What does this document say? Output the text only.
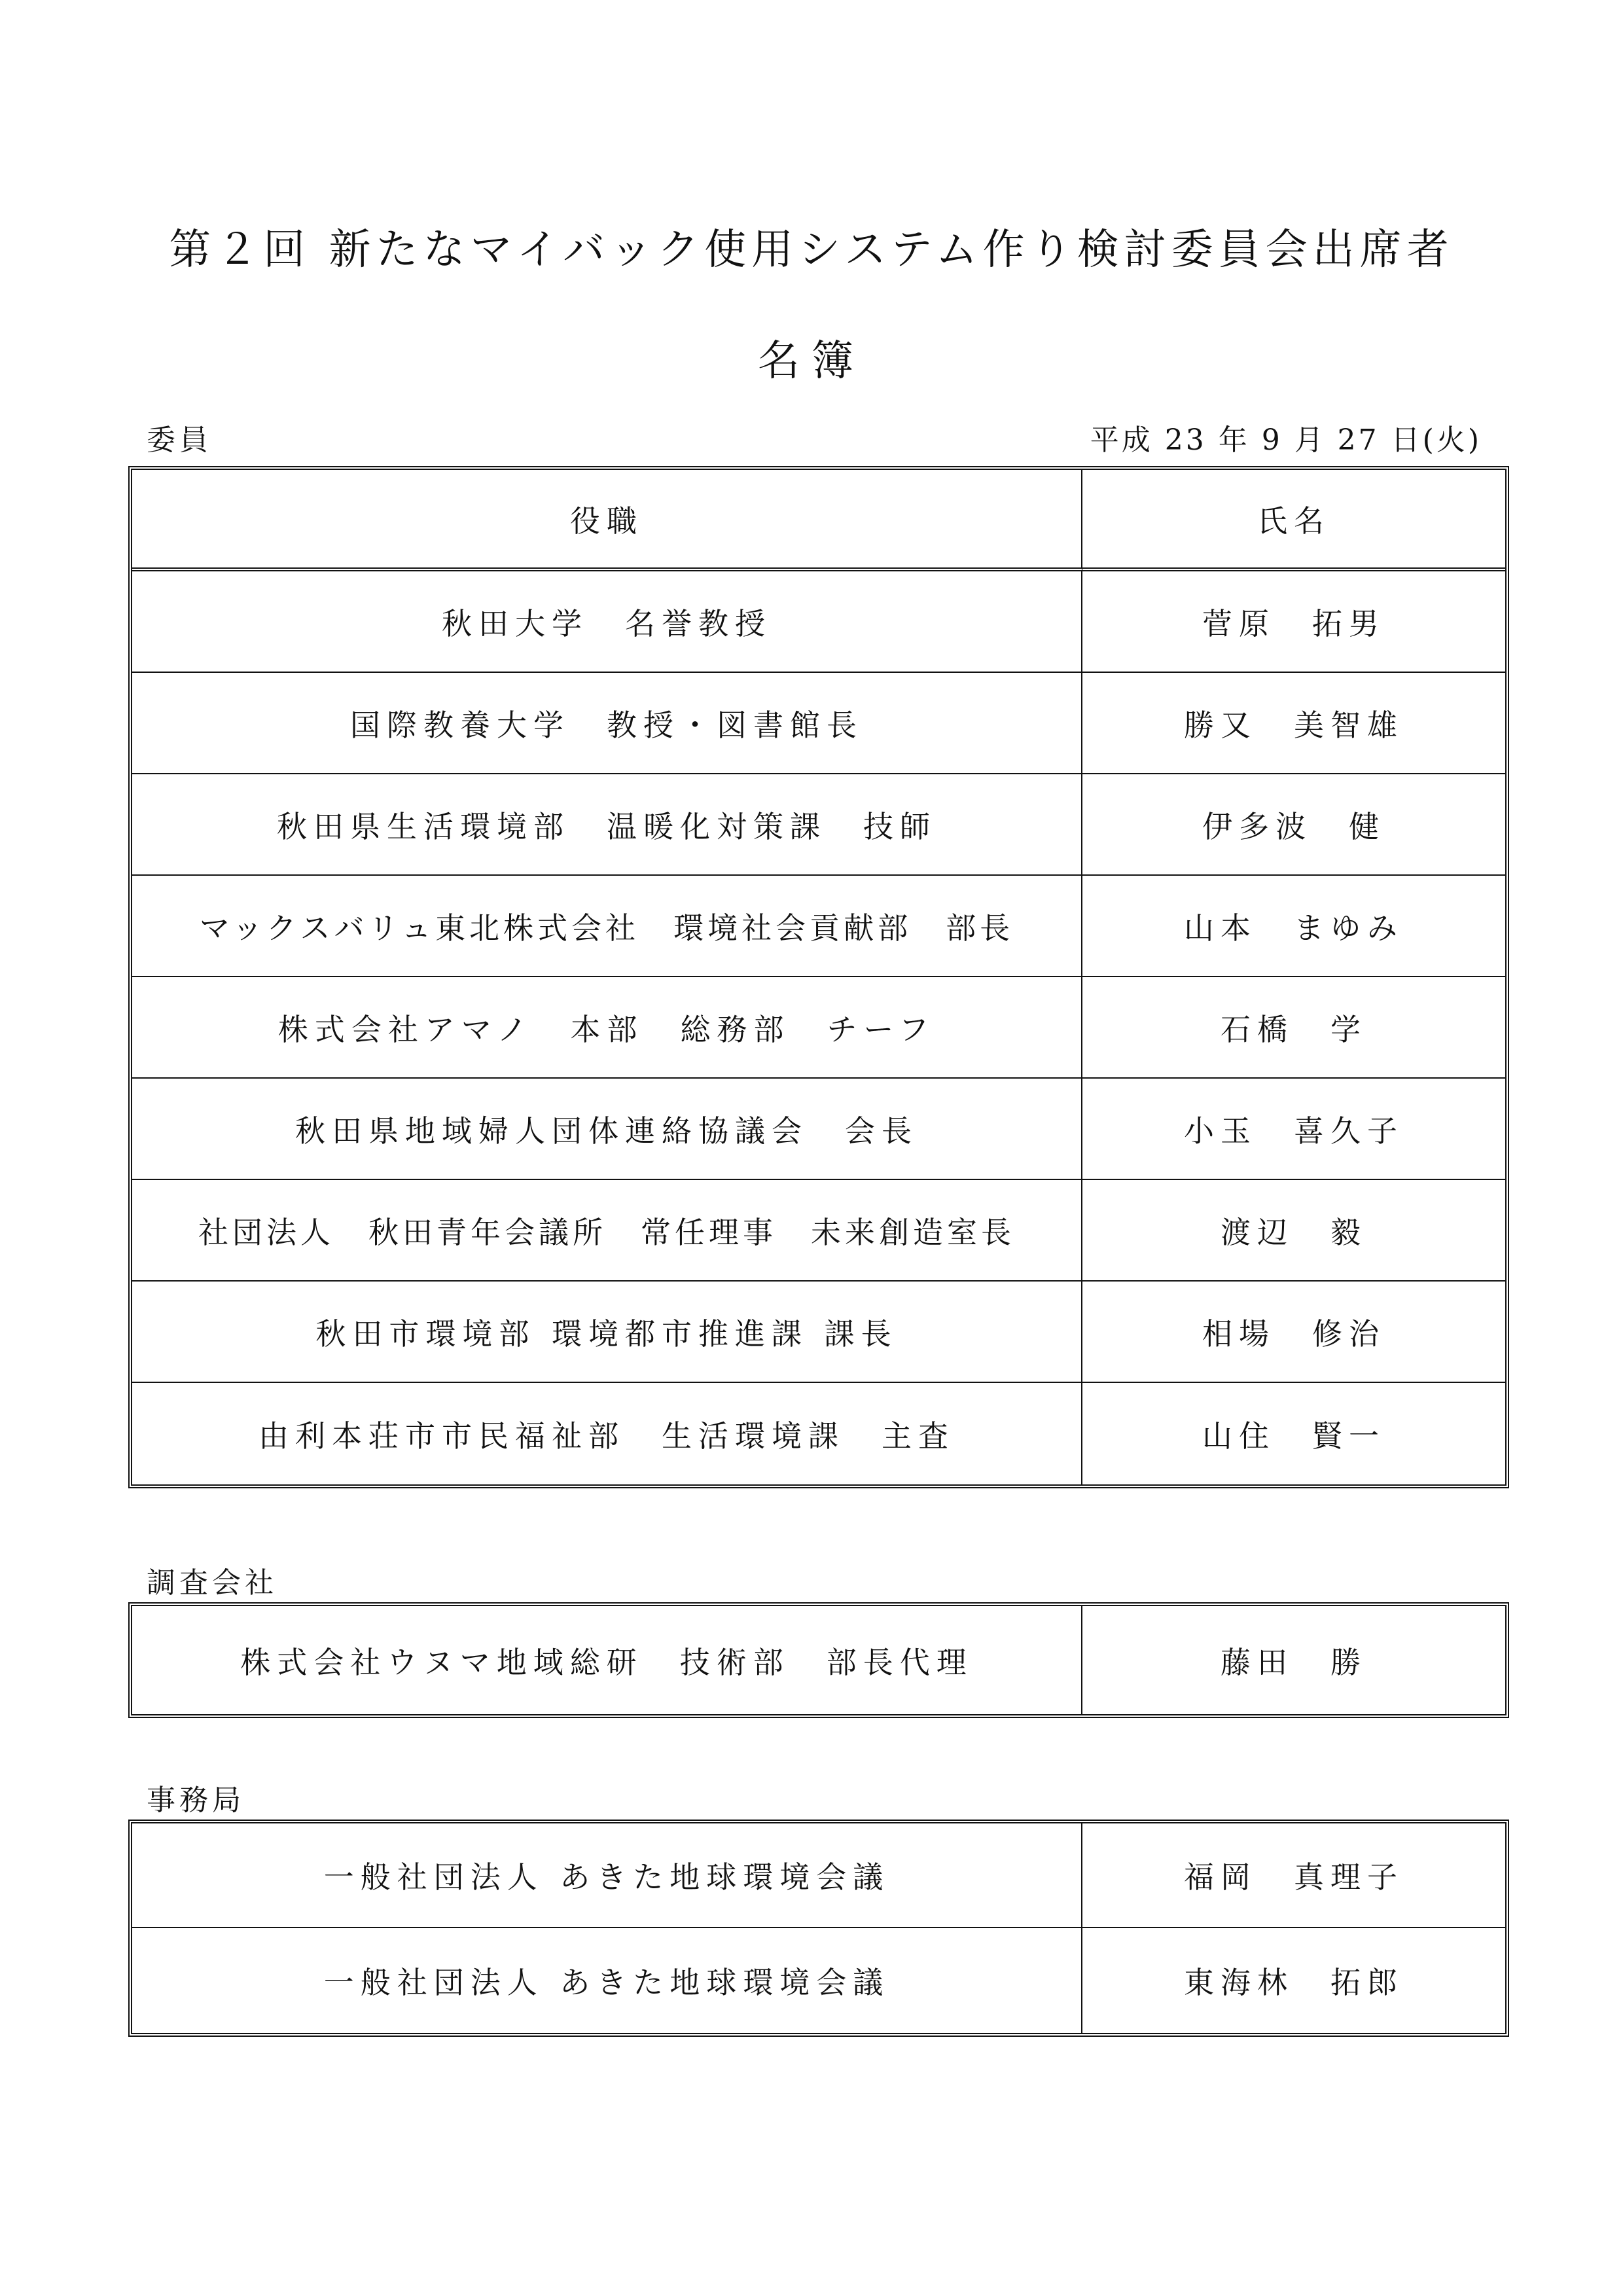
第２回 新たなマイバック使用システム作り検討委員会出席者
名簿
委員	平成 23 年 9 月 27 日(火)
役職	氏名
秋田大学　名誉教授	菅原　拓男
国際教養大学　教授・図書館長	勝又　美智雄
秋田県生活環境部　温暖化対策課　技師	伊多波　健
マックスバリュ東北株式会社　環境社会貢献部　部長	山本　まゆみ
株式会社アマノ　本部　総務部　チーフ	石橋　学
秋田県地域婦人団体連絡協議会　会長	小玉　喜久子
社団法人　秋田青年会議所　常任理事　未来創造室長	渡辺　毅
秋田市環境部 環境都市推進課 課長	相場　修治
由利本荘市市民福祉部　生活環境課　主査	山住　賢一
調査会社
株式会社ウヌマ地域総研　技術部　部長代理	藤田　勝
事務局
一般社団法人 あきた地球環境会議	福岡　真理子
一般社団法人 あきた地球環境会議	東海林　拓郎
